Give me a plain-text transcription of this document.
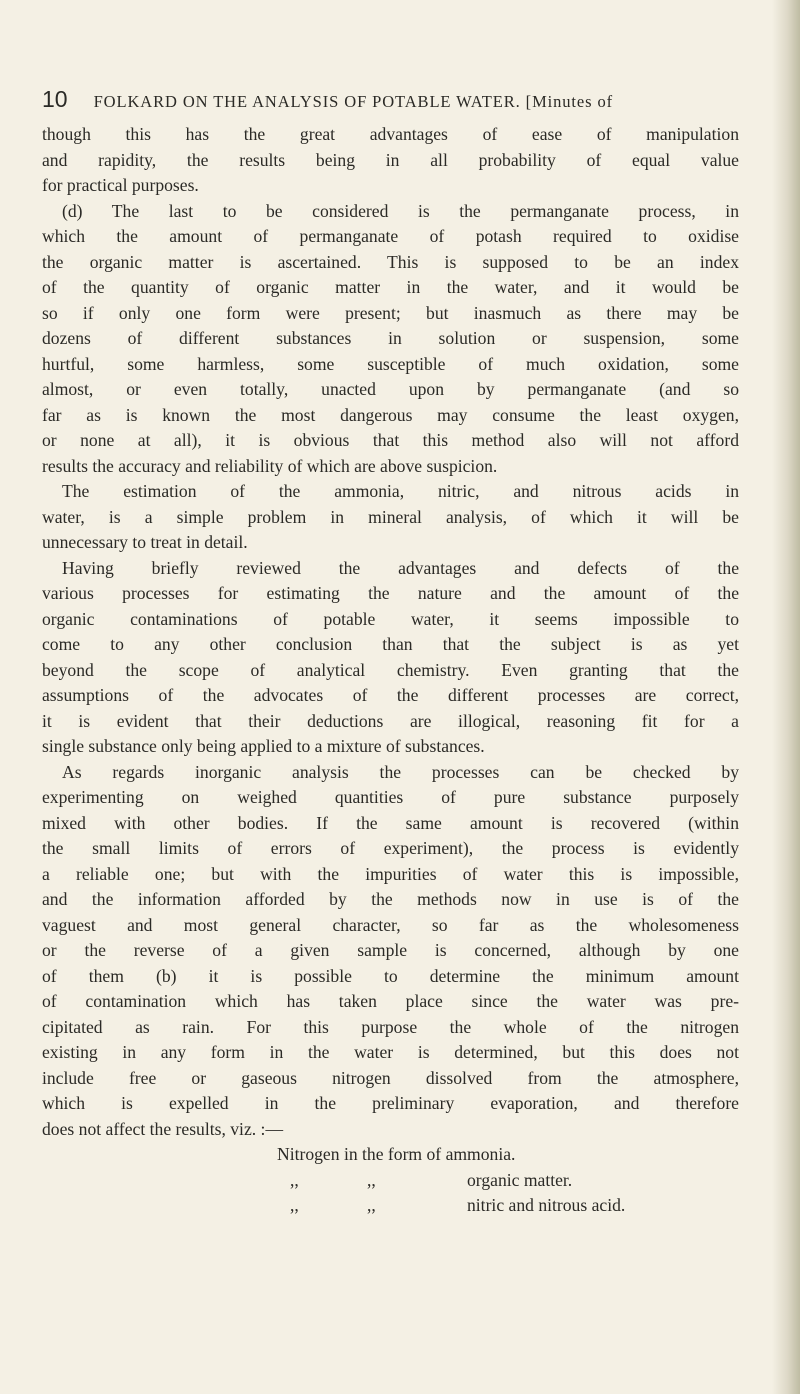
10 FOLKARD ON THE ANALYSIS OF POTABLE WATER. [Minutes of
though this has the great advantages of ease of manipulation
and rapidity, the results being in all probability of equal value
for practical purposes.
(d) The last to be considered is the permanganate process, in
which the amount of permanganate of potash required to oxidise
the organic matter is ascertained. This is supposed to be an index
of the quantity of organic matter in the water, and it would be
so if only one form were present; but inasmuch as there may be
dozens of different substances in solution or suspension, some
hurtful, some harmless, some susceptible of much oxidation, some
almost, or even totally, unacted upon by permanganate (and so
far as is known the most dangerous may consume the least oxygen,
or none at all), it is obvious that this method also will not afford
results the accuracy and reliability of which are above suspicion.
The estimation of the ammonia, nitric, and nitrous acids in
water, is a simple problem in mineral analysis, of which it will be
unnecessary to treat in detail.
Having briefly reviewed the advantages and defects of the
various processes for estimating the nature and the amount of the
organic contaminations of potable water, it seems impossible to
come to any other conclusion than that the subject is as yet
beyond the scope of analytical chemistry. Even granting that the
assumptions of the advocates of the different processes are correct,
it is evident that their deductions are illogical, reasoning fit for a
single substance only being applied to a mixture of substances.
As regards inorganic analysis the processes can be checked by
experimenting on weighed quantities of pure substance purposely
mixed with other bodies. If the same amount is recovered (within
the small limits of errors of experiment), the process is evidently
a reliable one; but with the impurities of water this is impossible,
and the information afforded by the methods now in use is of the
vaguest and most general character, so far as the wholesomeness
or the reverse of a given sample is concerned, although by one
of them (b) it is possible to determine the minimum amount
of contamination which has taken place since the water was pre-
cipitated as rain. For this purpose the whole of the nitrogen
existing in any form in the water is determined, but this does not
include free or gaseous nitrogen dissolved from the atmosphere,
which is expelled in the preliminary evaporation, and therefore
does not affect the results, viz. :—
Nitrogen in the form of ammonia.
,,	,,	organic matter.
,,	,,	nitric and nitrous acid.
